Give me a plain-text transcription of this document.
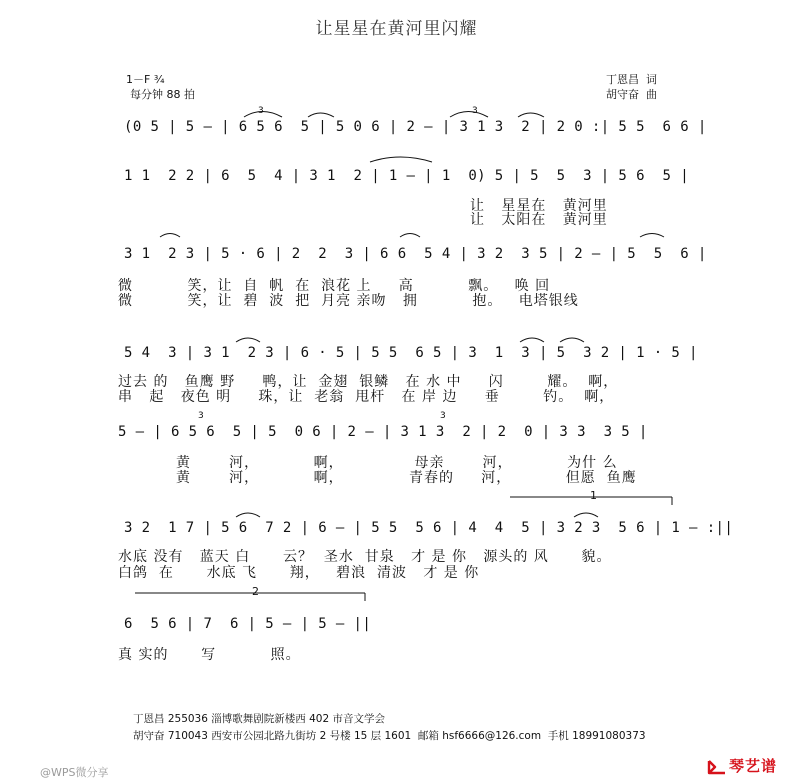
让星星在黄河里闪耀
1－F ¾
每分钟 88 拍
丁恩昌  词
胡守奋  曲
3	3
3	3
(0 5 | 5 — | 6 5 6  5 | 5 0 6 | 2 — | 3 1 3  2 | 2 0 :| 5 5  6 6 |
1 1  2 2 | 6  5  4 | 3 1  2 | 1 — | 1  0) 5 | 5  5  3 | 5 6  5 |
3 1  2 3 | 5 · 6 | 2  2  3 | 6 6  5 4 | 3 2  3 5 | 2 — | 5  5  6 |
5 4  3 | 3 1  2 3 | 6 · 5 | 5 5  6 5 | 3  1  3 | 5  3 2 | 1 · 5 |
让   星星在   黄河里
让   太阳在   黄河里
微          笑，让  自  帆  在  浪花 上     高          飘。   唤 回
微          笑，让  碧  波  把  月亮 亲吻   拥          抱。   电塔银线
过去 的   鱼鹰 野     鸭，让  金翅  银鳞   在 水 中     闪        耀。  啊，
串   起   夜色 明     珠，让  老翁  甩杆   在 岸 边     垂        钓。  啊，
5 — | 6 5 6  5 | 5  0 6 | 2 — | 3 1 3  2 | 2  0 | 3 3  3 5 |
黄       河，          啊，             母亲       河，          为什 么
黄       河，          啊，            青春的     河，          但愿  鱼鹰
1
3 2  1 7 | 5 6  7 2 | 6 — | 5 5  5 6 | 4  4  5 | 3 2 3  5 6 | 1 — :||
水底 没有   蓝天 白      云？  圣水  甘泉   才 是 你   源头的 风      貌。
白鸽  在      水底 飞      翔，   碧浪  清波   才 是 你
2
6  5 6 | 7  6 | 5 — | 5 — ||
真 实的      写          照。
丁恩昌 255036 淄博歌舞剧院新楼西 402 市音文学会
胡守奋 710043 西安市公园北路九街坊 2 号楼 15 层 1601  邮箱 hsf6666@126.com  手机 18991080373
@WPS微分享	琴艺谱
